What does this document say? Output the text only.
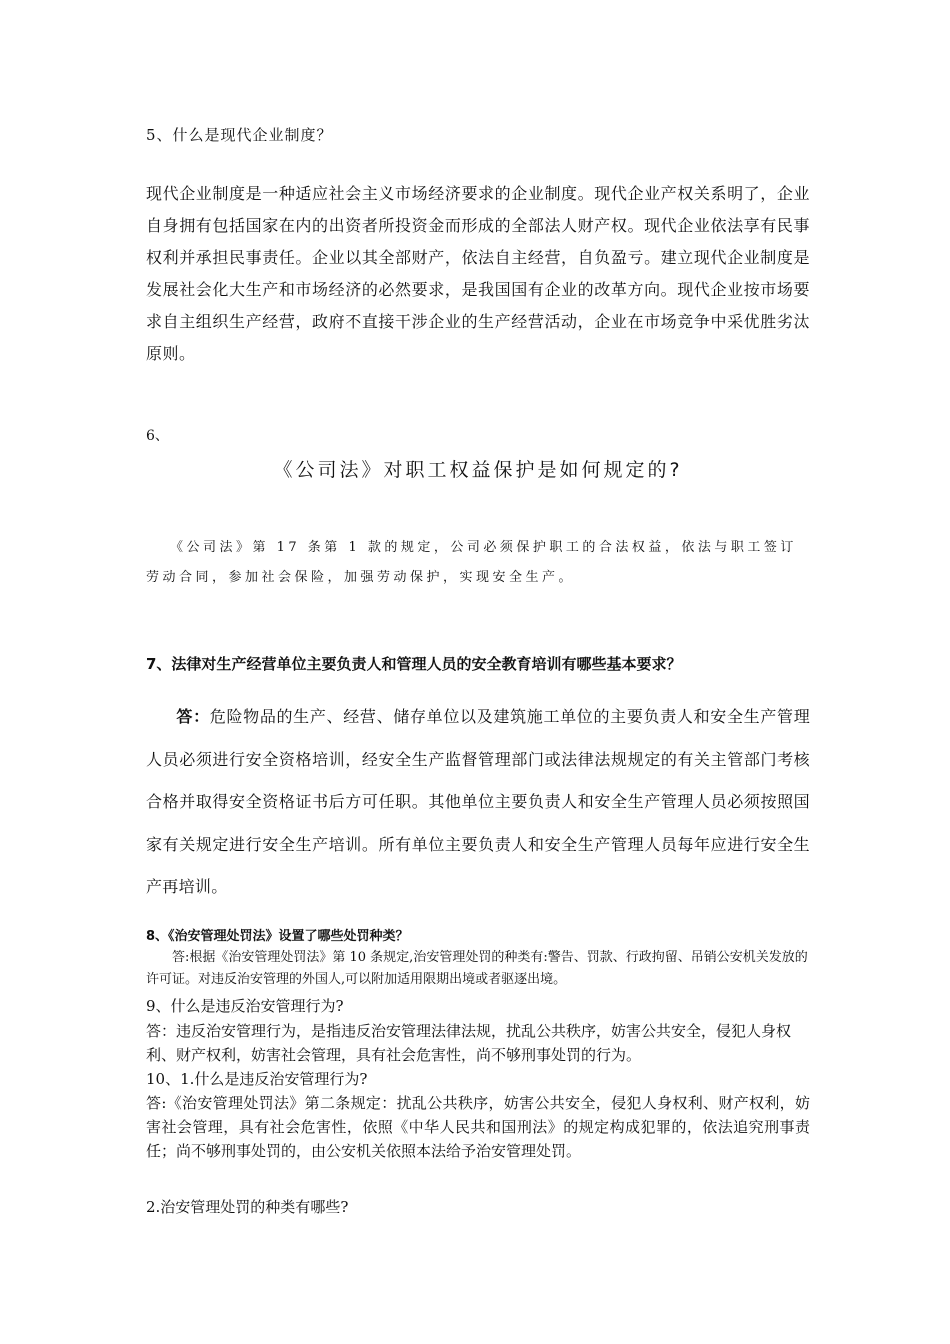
5、什么是现代企业制度？

现代企业制度是一种适应社会主义市场经济要求的企业制度。现代企业产权关系明了，企业自身拥有包括国家在内的出资者所投资金而形成的全部法人财产权。现代企业依法享有民事权利并承担民事责任。企业以其全部财产，依法自主经营，自负盈亏。建立现代企业制度是发展社会化大生产和市场经济的必然要求，是我国国有企业的改革方向。现代企业按市场要求自主组织生产经营，政府不直接干涉企业的生产经营活动，企业在市场竞争中采优胜劣汰原则。

6、

《公司法》对职工权益保护是如何规定的?

《公司法》第 17 条第 1 款的规定，公司必须保护职工的合法权益，依法与职工签订劳动合同，参加社会保险，加强劳动保护，实现安全生产。

7、法律对生产经营单位主要负责人和管理人员的安全教育培训有哪些基本要求？

答：危险物品的生产、经营、储存单位以及建筑施工单位的主要负责人和安全生产管理人员必须进行安全资格培训，经安全生产监督管理部门或法律法规规定的有关主管部门考核合格并取得安全资格证书后方可任职。其他单位主要负责人和安全生产管理人员必须按照国家有关规定进行安全生产培训。所有单位主要负责人和安全生产管理人员每年应进行安全生产再培训。

8、《治安管理处罚法》设置了哪些处罚种类？

答:根据《治安管理处罚法》第 10 条规定,治安管理处罚的种类有:警告、罚款、行政拘留、吊销公安机关发放的许可证。对违反治安管理的外国人,可以附加适用限期出境或者驱逐出境。

9、什么是违反治安管理行为?

答：违反治安管理行为，是指违反治安管理法律法规，扰乱公共秩序，妨害公共安全，侵犯人身权利、财产权利，妨害社会管理，具有社会危害性，尚不够刑事处罚的行为。

10、1.什么是违反治安管理行为?

答:《治安管理处罚法》第二条规定：扰乱公共秩序，妨害公共安全，侵犯人身权利、财产权利，妨害社会管理，具有社会危害性，依照《中华人民共和国刑法》的规定构成犯罪的，依法追究刑事责任；尚不够刑事处罚的，由公安机关依照本法给予治安管理处罚。

2.治安管理处罚的种类有哪些?
